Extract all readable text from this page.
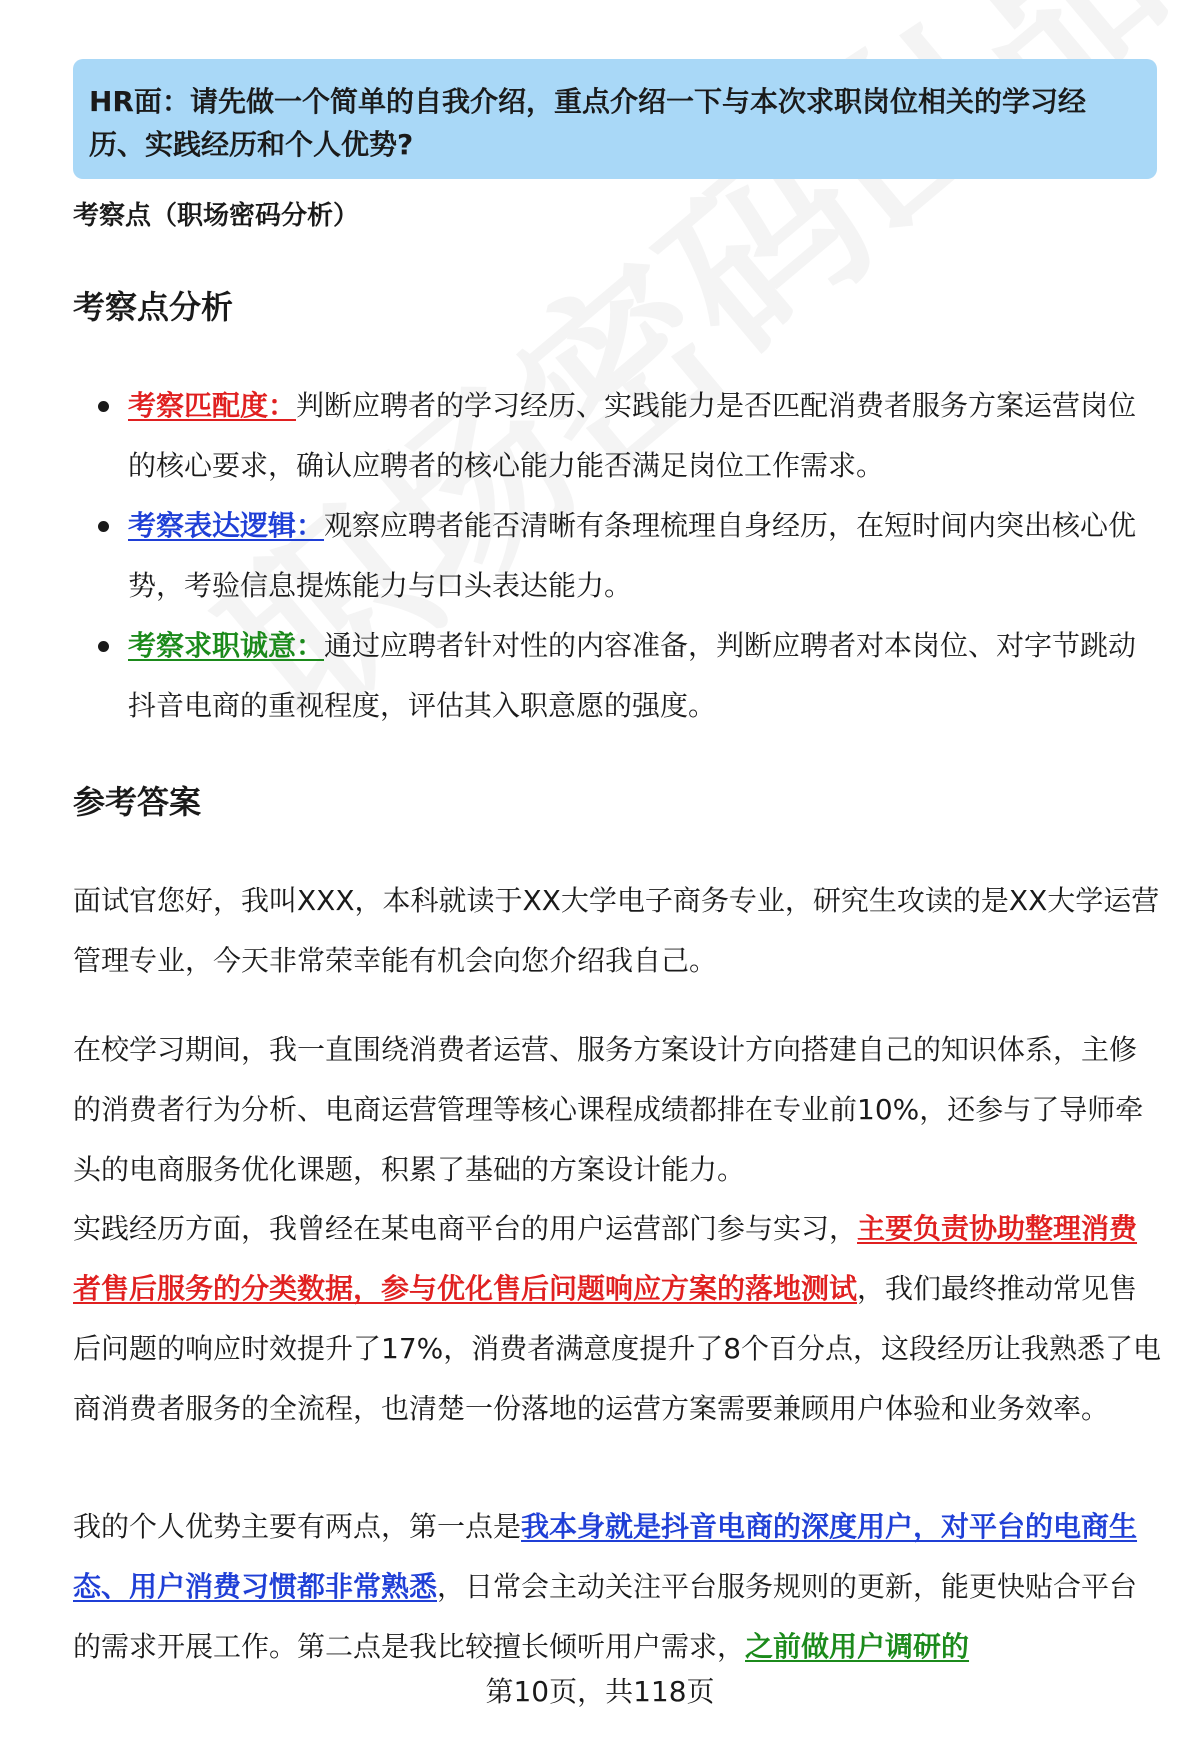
HR面：请先做一个简单的自我介绍，重点介绍一下与本次求职岗位相关的学习经历、实践经历和个人优势?
考察点（职场密码分析）
考察点分析
考察匹配度：判断应聘者的学习经历、实践能力是否匹配消费者服务方案运营岗位的核心要求，确认应聘者的核心能力能否满足岗位工作需求。
考察表达逻辑：观察应聘者能否清晰有条理梳理自身经历，在短时间内突出核心优势，考验信息提炼能力与口头表达能力。
考察求职诚意：通过应聘者针对性的内容准备，判断应聘者对本岗位、对字节跳动抖音电商的重视程度，评估其入职意愿的强度。
参考答案

面试官您好，我叫XXX，本科就读于XX大学电子商务专业，研究生攻读的是XX大学运营管理专业，今天非常荣幸能有机会向您介绍我自己。

在校学习期间，我一直围绕消费者运营、服务方案设计方向搭建自己的知识体系，主修的消费者行为分析、电商运营管理等核心课程成绩都排在专业前10%，还参与了导师牵头的电商服务优化课题，积累了基础的方案设计能力。

实践经历方面，我曾经在某电商平台的用户运营部门参与实习，主要负责协助整理消费者售后服务的分类数据，参与优化售后问题响应方案的落地测试，我们最终推动常见售后问题的响应时效提升了17%，消费者满意度提升了8个百分点，这段经历让我熟悉了电商消费者服务的全流程，也清楚一份落地的运营方案需要兼顾用户体验和业务效率。

我的个人优势主要有两点，第一点是我本身就是抖音电商的深度用户，对平台的电商生态、用户消费习惯都非常熟悉，日常会主动关注平台服务规则的更新，能更快贴合平台的需求开展工作。第二点是我比较擅长倾听用户需求，之前做用户调研的

第10页，共118页
